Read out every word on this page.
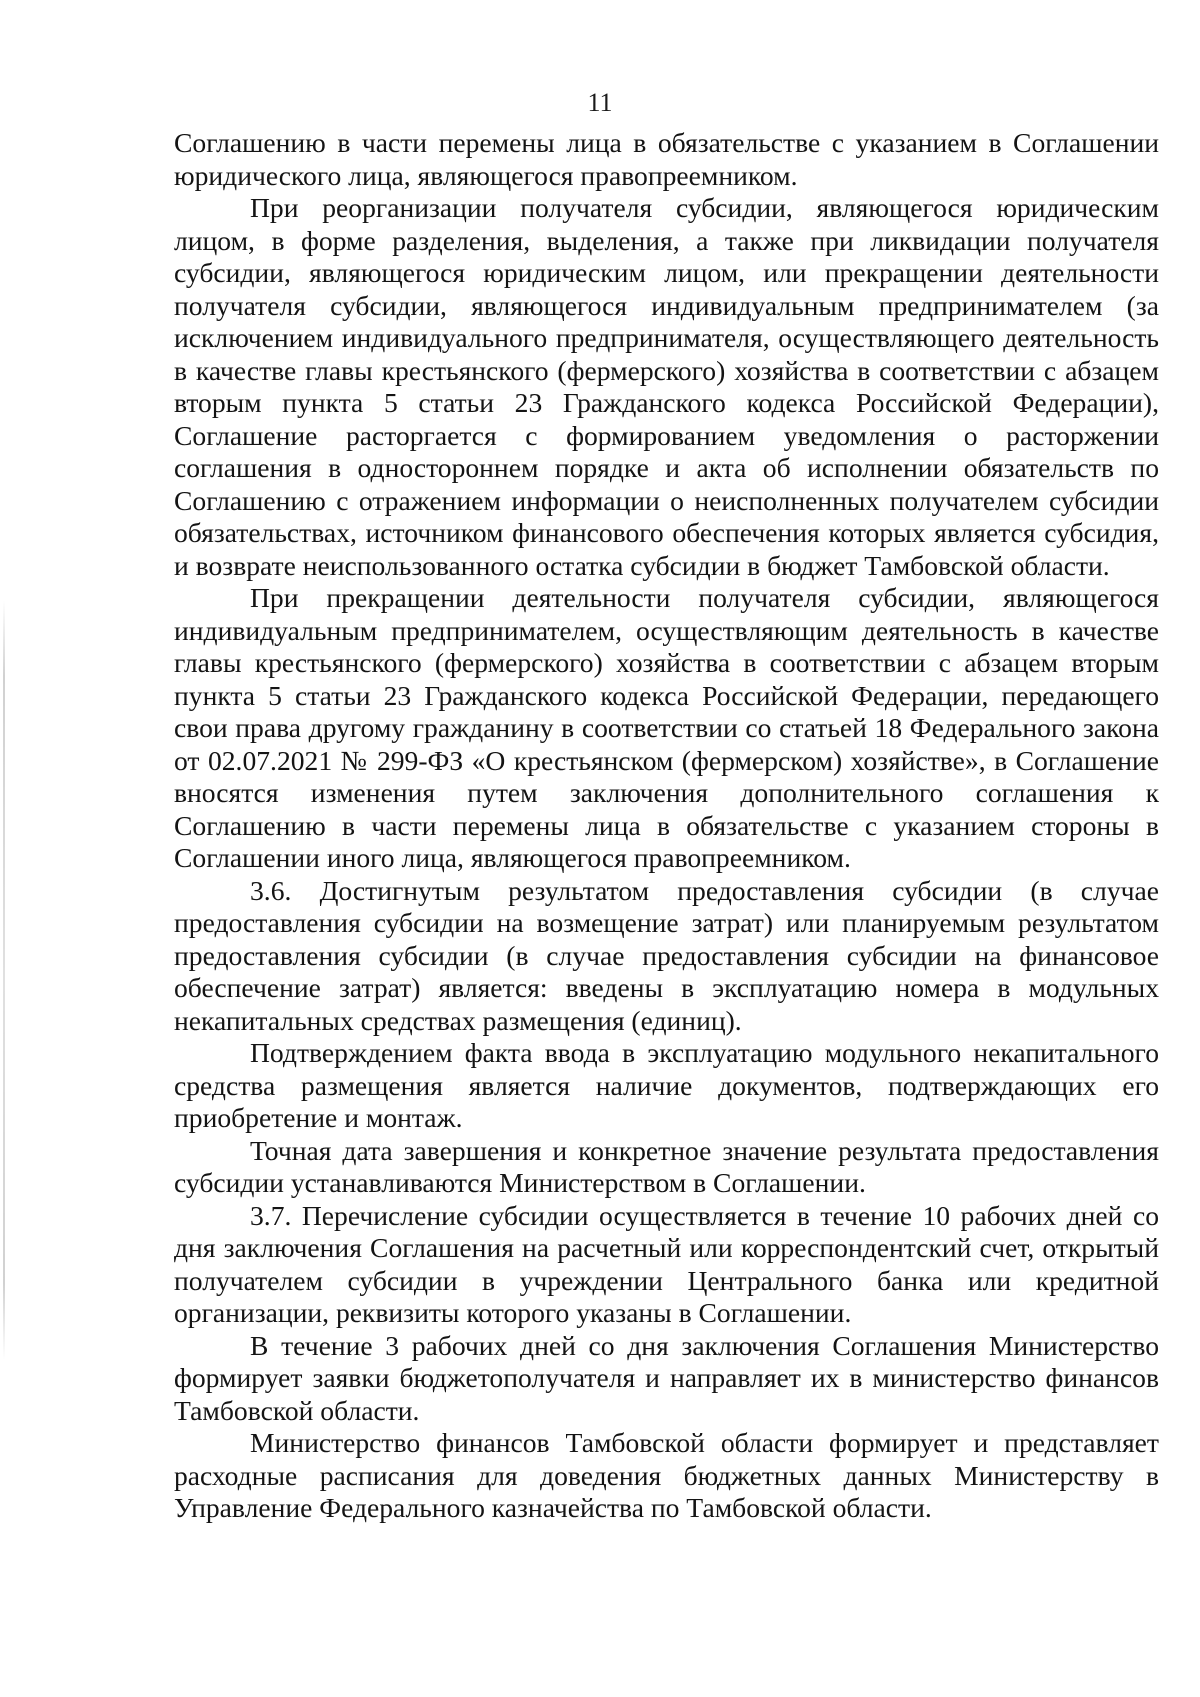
11

Соглашению в части перемены лица в обязательстве с указанием в Соглашении юридического лица, являющегося правопреемником.

При реорганизации получателя субсидии, являющегося юридическим лицом, в форме разделения, выделения, а также при ликвидации получателя субсидии, являющегося юридическим лицом, или прекращении деятельности получателя субсидии, являющегося индивидуальным предпринимателем (за исключением индивидуального предпринимателя, осуществляющего деятельность в качестве главы крестьянского (фермерского) хозяйства в соответствии с абзацем вторым пункта 5 статьи 23 Гражданского кодекса Российской Федерации), Соглашение расторгается с формированием уведомления о расторжении соглашения в одностороннем порядке и акта об исполнении обязательств по Соглашению с отражением информации о неисполненных получателем субсидии обязательствах, источником финансового обеспечения которых является субсидия, и возврате неиспользованного остатка субсидии в бюджет Тамбовской области.

При прекращении деятельности получателя субсидии, являющегося индивидуальным предпринимателем, осуществляющим деятельность в качестве главы крестьянского (фермерского) хозяйства в соответствии с абзацем вторым пункта 5 статьи 23 Гражданского кодекса Российской Федерации, передающего свои права другому гражданину в соответствии со статьей 18 Федерального закона от 02.07.2021 № 299-ФЗ «О крестьянском (фермерском) хозяйстве», в Соглашение вносятся изменения путем заключения дополнительного соглашения к Соглашению в части перемены лица в обязательстве с указанием стороны в Соглашении иного лица, являющегося правопреемником.

3.6. Достигнутым результатом предоставления субсидии (в случае предоставления субсидии на возмещение затрат) или планируемым результатом предоставления субсидии (в случае предоставления субсидии на финансовое обеспечение затрат) является: введены в эксплуатацию номера в модульных некапитальных средствах размещения (единиц).

Подтверждением факта ввода в эксплуатацию модульного некапитального средства размещения является наличие документов, подтверждающих его приобретение и монтаж.

Точная дата завершения и конкретное значение результата предоставления субсидии устанавливаются Министерством в Соглашении.

3.7. Перечисление субсидии осуществляется в течение 10 рабочих дней со дня заключения Соглашения на расчетный или корреспондентский счет, открытый получателем субсидии в учреждении Центрального банка или кредитной организации, реквизиты которого указаны в Соглашении.

В течение 3 рабочих дней со дня заключения Соглашения Министерство формирует заявки бюджетополучателя и направляет их в министерство финансов Тамбовской области.

Министерство финансов Тамбовской области формирует и представляет расходные расписания для доведения бюджетных данных Министерству в Управление Федерального казначейства по Тамбовской области.
